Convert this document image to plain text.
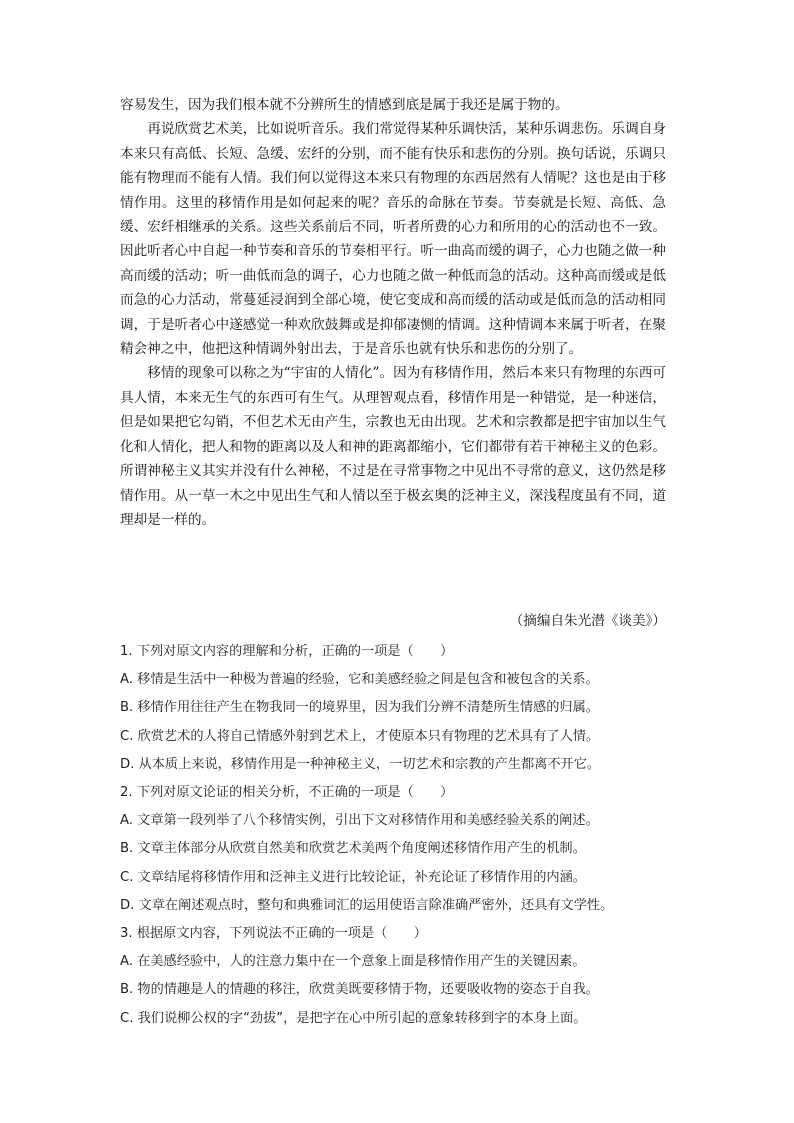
容易发生，因为我们根本就不分辨所生的情感到底是属于我还是属于物的。

再说欣赏艺术美，比如说听音乐。我们常觉得某种乐调快活，某种乐调悲伤。乐调自身本来只有高低、长短、急缓、宏纤的分别，而不能有快乐和悲伤的分别。换句话说，乐调只能有物理而不能有人情。我们何以觉得这本来只有物理的东西居然有人情呢？这也是由于移情作用。这里的移情作用是如何起来的呢？音乐的命脉在节奏。节奏就是长短、高低、急缓、宏纤相继承的关系。这些关系前后不同，听者所费的心力和所用的心的活动也不一致。因此听者心中自起一种节奏和音乐的节奏相平行。听一曲高而缓的调子，心力也随之做一种高而缓的活动；听一曲低而急的调子，心力也随之做一种低而急的活动。这种高而缓或是低而急的心力活动，常蔓延浸润到全部心境，使它变成和高而缓的活动或是低而急的活动相同调，于是听者心中遂感觉一种欢欣鼓舞或是抑郁凄恻的情调。这种情调本来属于听者，在聚精会神之中，他把这种情调外射出去，于是音乐也就有快乐和悲伤的分别了。

移情的现象可以称之为“宇宙的人情化”。因为有移情作用，然后本来只有物理的东西可具人情，本来无生气的东西可有生气。从理智观点看，移情作用是一种错觉，是一种迷信，但是如果把它勾销，不但艺术无由产生，宗教也无由出现。艺术和宗教都是把宇宙加以生气化和人情化，把人和物的距离以及人和神的距离都缩小，它们都带有若干神秘主义的色彩。所谓神秘主义其实并没有什么神秘，不过是在寻常事物之中见出不寻常的意义，这仍然是移情作用。从一草一木之中见出生气和人情以至于极玄奥的泛神主义，深浅程度虽有不同，道理却是一样的。

（摘编自朱光潜《谈美》）
1. 下列对原文内容的理解和分析，正确的一项是（　　）
A. 移情是生活中一种极为普遍的经验，它和美感经验之间是包含和被包含的关系。
B. 移情作用往往产生在物我同一的境界里，因为我们分辨不清楚所生情感的归属。
C. 欣赏艺术的人将自己情感外射到艺术上，才使原本只有物理的艺术具有了人情。
D. 从本质上来说，移情作用是一种神秘主义，一切艺术和宗教的产生都离不开它。
2. 下列对原文论证的相关分析，不正确的一项是（　　）
A. 文章第一段列举了八个移情实例，引出下文对移情作用和美感经验关系的阐述。
B. 文章主体部分从欣赏自然美和欣赏艺术美两个角度阐述移情作用产生的机制。
C. 文章结尾将移情作用和泛神主义进行比较论证，补充论证了移情作用的内涵。
D. 文章在阐述观点时，整句和典雅词汇的运用使语言除准确严密外，还具有文学性。
3. 根据原文内容，下列说法不正确的一项是（　　）
A. 在美感经验中，人的注意力集中在一个意象上面是移情作用产生的关键因素。
B. 物的情趣是人的情趣的移注，欣赏美既要移情于物，还要吸收物的姿态于自我。
C. 我们说柳公权的字“劲拔”，是把字在心中所引起的意象转移到字的本身上面。
